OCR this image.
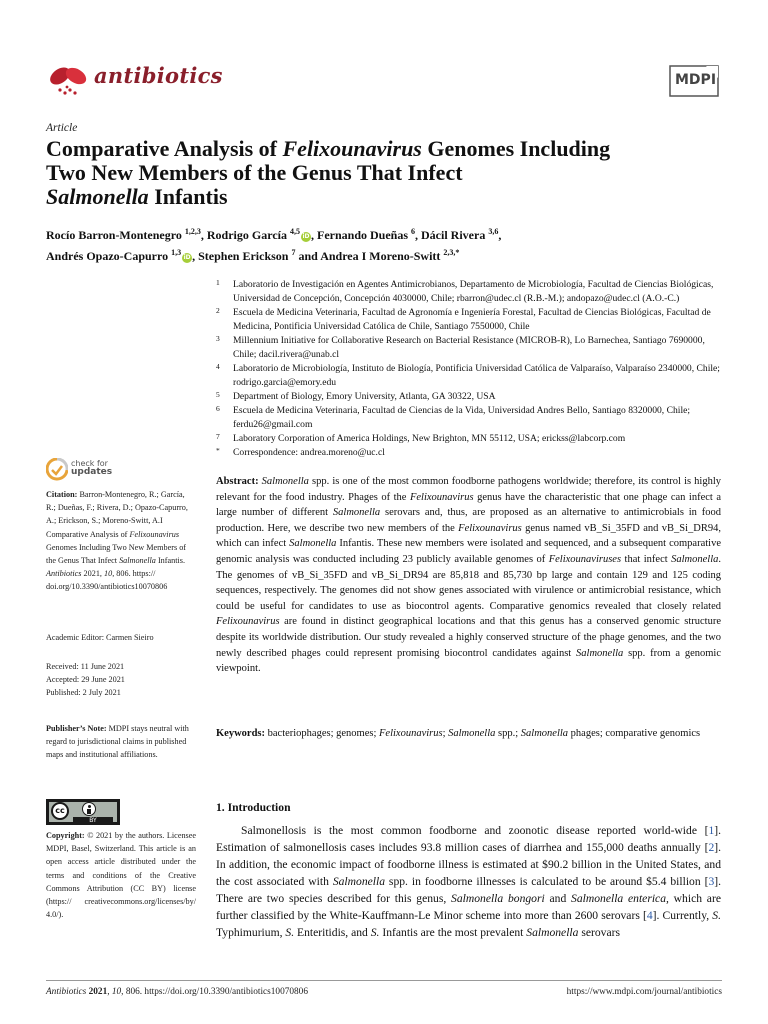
antibiotics	MDPI
Article
Comparative Analysis of Felixounavirus Genomes Including
Two New Members of the Genus That Infect
Salmonella Infantis
Rocío Barron-Montenegro $^{1,2,3}$, Rodrigo García $^{4,5}$iD, Fernando Dueñas $^6$, Dácil Rivera $^{3,6}$,
Andrés Opazo-Capurro $^{1,3}$iD, Stephen Erickson $^7$ and Andrea I Moreno-Switt $^{2,3,*}$
1 Laboratorio de Investigación en Agentes Antimicrobianos, Departamento de Microbiología, Facultad de Ciencias Biológicas, Universidad de Concepción, Concepción 4030000, Chile; rbarron@udec.cl (R.B.-M.); andopazo@udec.cl (A.O.-C.)
2 Escuela de Medicina Veterinaria, Facultad de Agronomía e Ingeniería Forestal, Facultad de Ciencias Biológicas, Facultad de Medicina, Pontificia Universidad Católica de Chile, Santiago 7550000, Chile
3 Millennium Initiative for Collaborative Research on Bacterial Resistance (MICROB-R), Lo Barnechea, Santiago 7690000, Chile; dacil.rivera@unab.cl
4 Laboratorio de Microbiología, Instituto de Biología, Pontificia Universidad Católica de Valparaíso, Valparaíso 2340000, Chile; rodrigo.garcia@emory.edu
5 Department of Biology, Emory University, Atlanta, GA 30322, USA
6 Escuela de Medicina Veterinaria, Facultad de Ciencias de la Vida, Universidad Andres Bello, Santiago 8320000, Chile; ferdu26@gmail.com
7 Laboratory Corporation of America Holdings, New Brighton, MN 55112, USA; erickss@labcorp.com
* Correspondence: andrea.moreno@uc.cl
check for
updates
Citation: Barron-Montenegro, R.; García, R.; Dueñas, F.; Rivera, D.; Opazo-Capurro, A.; Erickson, S.; Moreno-Switt, A.I Comparative Analysis of Felixounavirus Genomes Including Two New Members of the Genus That Infect Salmonella Infantis. Antibiotics 2021, 10, 806. https:// doi.org/10.3390/antibiotics10070806
Academic Editor: Carmen Sieiro
Received: 11 June 2021
Accepted: 29 June 2021
Published: 2 July 2021
Publisher’s Note: MDPI stays neutral with regard to jurisdictional claims in published maps and institutional affiliations.
cc
BY
Copyright: © 2021 by the authors. Licensee MDPI, Basel, Switzerland. This article is an open access article distributed under the terms and conditions of the Creative Commons Attribution (CC BY) license (https:// creativecommons.org/licenses/by/ 4.0/).
Abstract: Salmonella spp. is one of the most common foodborne pathogens worldwide; therefore, its control is highly relevant for the food industry. Phages of the Felixounavirus genus have the characteristic that one phage can infect a large number of different Salmonella serovars and, thus, are proposed as an alternative to antimicrobials in food production. Here, we describe two new members of the Felixounavirus genus named vB_Si_35FD and vB_Si_DR94, which can infect Salmonella Infantis. These new members were isolated and sequenced, and a subsequent comparative genomic analysis was conducted including 23 publicly available genomes of Felixounaviruses that infect Salmonella. The genomes of vB_Si_35FD and vB_Si_DR94 are 85,818 and 85,730 bp large and contain 129 and 125 coding sequences, respectively. The genomes did not show genes associated with virulence or antimicrobial resistance, which could be useful for candidates to use as biocontrol agents. Comparative genomics revealed that closely related Felixounavirus are found in distinct geographical locations and that this genus has a conserved genomic structure despite its worldwide distribution. Our study revealed a highly conserved structure of the phage genomes, and the two newly described phages could represent promising biocontrol candidates against Salmonella spp. from a genomic viewpoint.
Keywords: bacteriophages; genomes; Felixounavirus; Salmonella spp.; Salmonella phages; comparative genomics
1. Introduction
Salmonellosis is the most common foodborne and zoonotic disease reported world-wide [1]. Estimation of salmonellosis cases includes 93.8 million cases of diarrhea and 155,000 deaths annually [2]. In addition, the economic impact of foodborne illness is estimated at $90.2 billion in the United States, and the cost associated with Salmonella spp. in foodborne illnesses is calculated to be around $5.4 billion [3]. There are two species described for this genus, Salmonella bongori and Salmonella enterica, which are further classified by the White-Kauffmann-Le Minor scheme into more than 2600 serovars [4]. Currently, S. Typhimurium, S. Enteritidis, and S. Infantis are the most prevalent Salmonella serovars
Antibiotics 2021, 10, 806. https://doi.org/10.3390/antibiotics10070806	https://www.mdpi.com/journal/antibiotics
